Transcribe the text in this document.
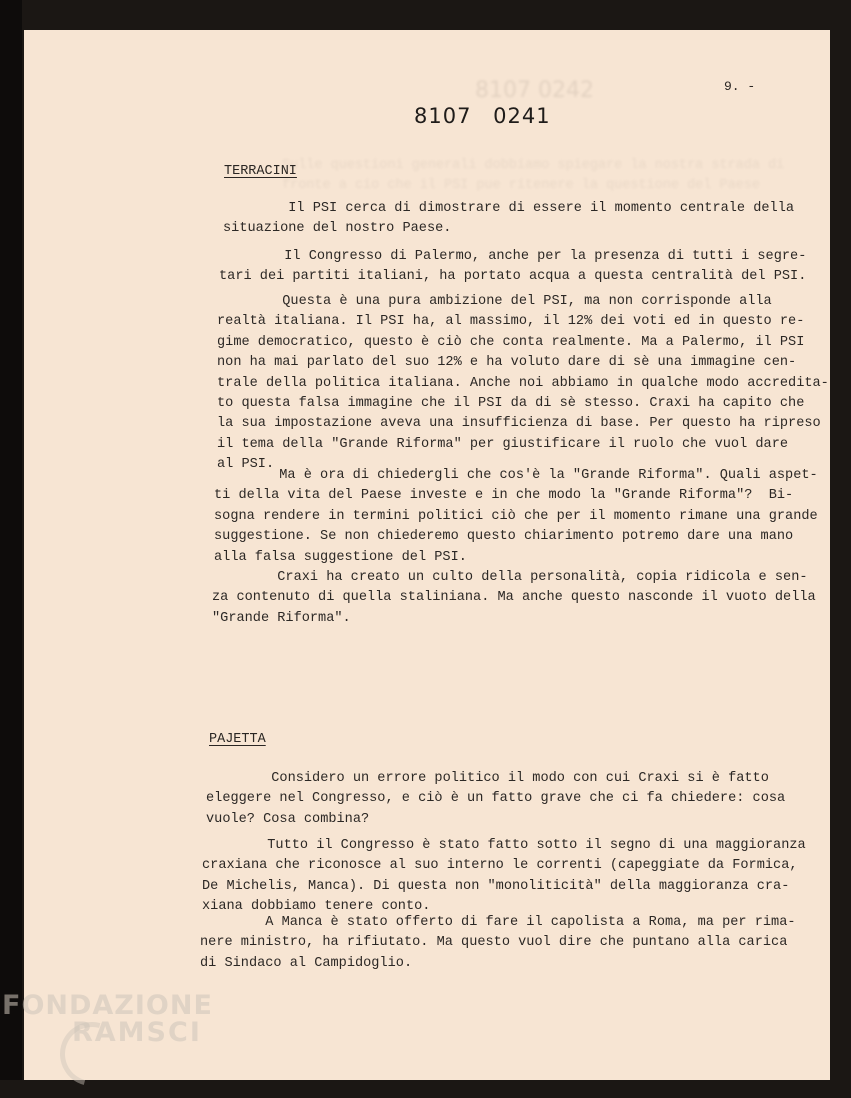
8107 0242
Sulle questioni generali dobbiamo spiegare la nostra strada di
fronte a cio che il PSI pue ritenere la questione del Paese
9. -
8107 0241
TERRACINI

Il PSI cerca di dimostrare di essere il momento centrale della
situazione del nostro Paese.

Il Congresso di Palermo, anche per la presenza di tutti i segre-
tari dei partiti italiani, ha portato acqua a questa centralità del PSI.

Questa è una pura ambizione del PSI, ma non corrisponde alla
realtà italiana. Il PSI ha, al massimo, il 12% dei voti ed in questo re-
gime democratico, questo è ciò che conta realmente. Ma a Palermo, il PSI
non ha mai parlato del suo 12% e ha voluto dare di sè una immagine cen-
trale della politica italiana. Anche noi abbiamo in qualche modo accredita-
to questa falsa immagine che il PSI da di sè stesso. Craxi ha capito che
la sua impostazione aveva una insufficienza di base. Per questo ha ripreso
il tema della "Grande Riforma" per giustificare il ruolo che vuol dare
al PSI.

Ma è ora di chiedergli che cos'è la "Grande Riforma". Quali aspet-
ti della vita del Paese investe e in che modo la "Grande Riforma"?  Bi-
sogna rendere in termini politici ciò che per il momento rimane una grande
suggestione. Se non chiederemo questo chiarimento potremo dare una mano
alla falsa suggestione del PSI.

Craxi ha creato un culto della personalità, copia ridicola e sen-
za contenuto di quella staliniana. Ma anche questo nasconde il vuoto della
"Grande Riforma".

PAJETTA

Considero un errore politico il modo con cui Craxi si è fatto
eleggere nel Congresso, e ciò è un fatto grave che ci fa chiedere: cosa
vuole? Cosa combina?

Tutto il Congresso è stato fatto sotto il segno di una maggioranza
craxiana che riconosce al suo interno le correnti (capeggiate da Formica,
De Michelis, Manca). Di questa non "monoliticità" della maggioranza cra-
xiana dobbiamo tenere conto.

A Manca è stato offerto di fare il capolista a Roma, ma per rima-
nere ministro, ha rifiutato. Ma questo vuol dire che puntano alla carica
di Sindaco al Campidoglio.

FONDAZIONE
RAMSCI
